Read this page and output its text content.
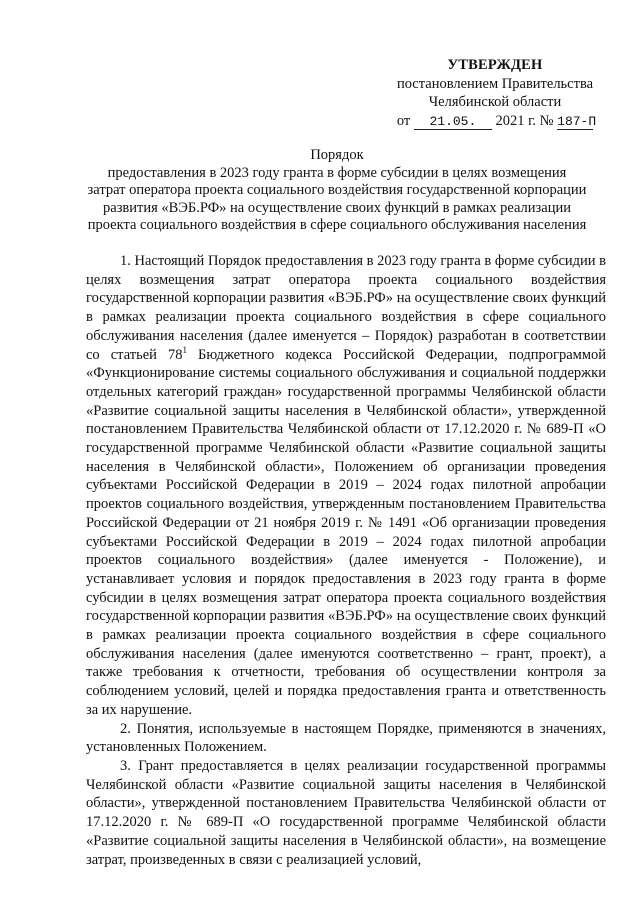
УТВЕРЖДЕН
постановлением Правительства
Челябинской области
от 21.05. 2021 г. № 187-П
Порядок
предоставления в 2023 году гранта в форме субсидии в целях возмещения
затрат оператора проекта социального воздействия государственной корпорации
развития «ВЭБ.РФ» на осуществление своих функций в рамках реализации
проекта социального воздействия в сфере социального обслуживания населения

1. Настоящий Порядок предоставления в 2023 году гранта в форме субсидии в целях возмещения затрат оператора проекта социального воздействия государственной корпорации развития «ВЭБ.РФ» на осуществление своих функций в рамках реализации проекта социального воздействия в сфере социального обслуживания населения (далее именуется – Порядок) разработан в соответствии со статьей $78^1$ Бюджетного кодекса Российской Федерации, подпрограммой «Функционирование системы социального обслуживания и социальной поддержки отдельных категорий граждан» государственной программы Челябинской области «Развитие социальной защиты населения в Челябинской области», утвержденной постановлением Правительства Челябинской области от 17.12.2020 г. № 689-П «О государственной программе Челябинской области «Развитие социальной защиты населения в Челябинской области», Положением об организации проведения субъектами Российской Федерации в 2019 – 2024 годах пилотной апробации проектов социального воздействия, утвержденным постановлением Правительства Российской Федерации от 21 ноября 2019 г. № 1491 «Об организации проведения субъектами Российской Федерации в 2019 – 2024 годах пилотной апробации проектов социального воздействия» (далее именуется - Положение), и устанавливает условия и порядок предоставления в 2023 году гранта в форме субсидии в целях возмещения затрат оператора проекта социального воздействия государственной корпорации развития «ВЭБ.РФ» на осуществление своих функций в рамках реализации проекта социального воздействия в сфере социального обслуживания населения (далее именуются соответственно – грант, проект), а также требования к отчетности, требования об осуществлении контроля за соблюдением условий, целей и порядка предоставления гранта и ответственность за их нарушение.

2. Понятия, используемые в настоящем Порядке, применяются в значениях, установленных Положением.

3. Грант предоставляется в целях реализации государственной программы Челябинской области «Развитие социальной защиты населения в Челябинской области», утвержденной постановлением Правительства Челябинской области от 17.12.2020 г. № 689-П «О государственной программе Челябинской области «Развитие социальной защиты населения в Челябинской области», на возмещение затрат, произведенных в связи с реализацией условий,
